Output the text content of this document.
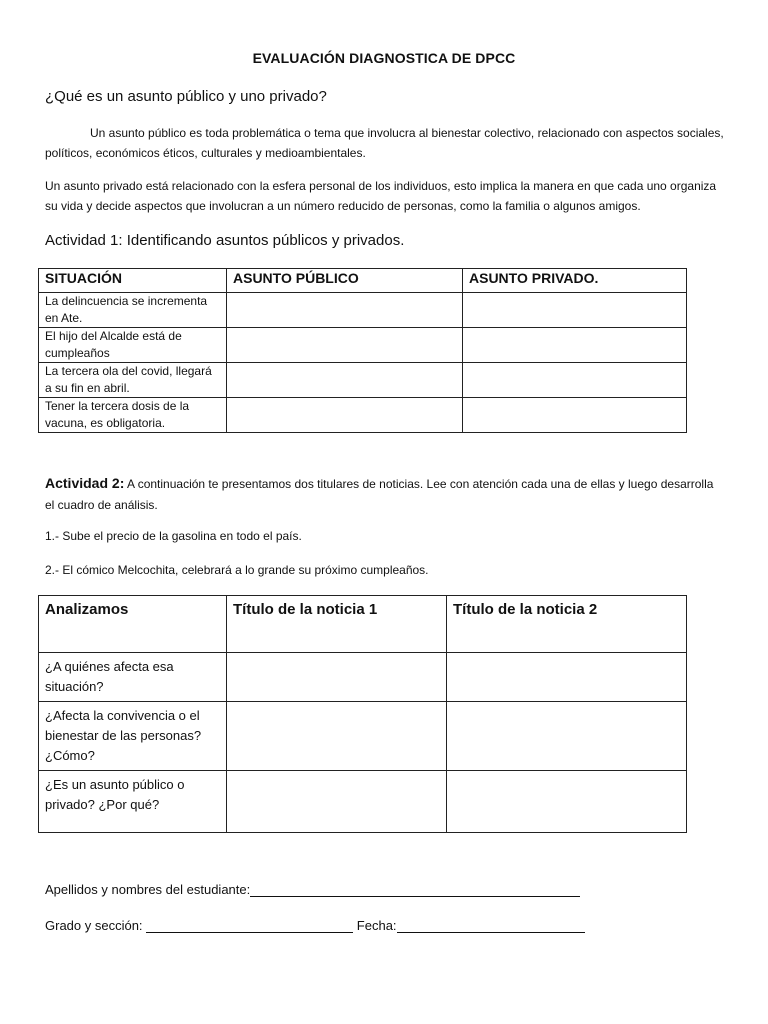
EVALUACIÓN DIAGNOSTICA DE DPCC
¿Qué es un asunto público y uno privado?
Un asunto público es toda problemática o tema que involucra al bienestar colectivo, relacionado con aspectos sociales, políticos, económicos éticos, culturales y medioambientales.
Un asunto privado está relacionado con la esfera personal de los individuos, esto implica la manera en que cada uno organiza su vida y decide aspectos que involucran a un número reducido de personas, como la familia o algunos amigos.
Actividad 1: Identificando asuntos públicos y privados.
SITUACIÓN	ASUNTO PÚBLICO	ASUNTO PRIVADO.
La delincuencia se incrementa en Ate.		
El hijo del Alcalde está de cumpleaños		
La tercera ola del covid, llegará a su fin en abril.		
Tener la tercera dosis de la vacuna, es obligatoria.		
Actividad 2: A continuación te presentamos dos titulares de noticias. Lee con atención cada una de ellas y luego desarrolla el cuadro de análisis.
1.- Sube el precio de la gasolina en todo el país.
2.- El cómico Melcochita, celebrará a lo grande su próximo cumpleaños.
Analizamos	Título de la noticia 1	Título de la noticia 2
¿A quiénes afecta esa situación?		
¿Afecta la convivencia o el bienestar de las personas? ¿Cómo?		
¿Es un asunto público o privado? ¿Por qué?		
Apellidos y nombres del estudiante:
Grado y sección:	Fecha:
